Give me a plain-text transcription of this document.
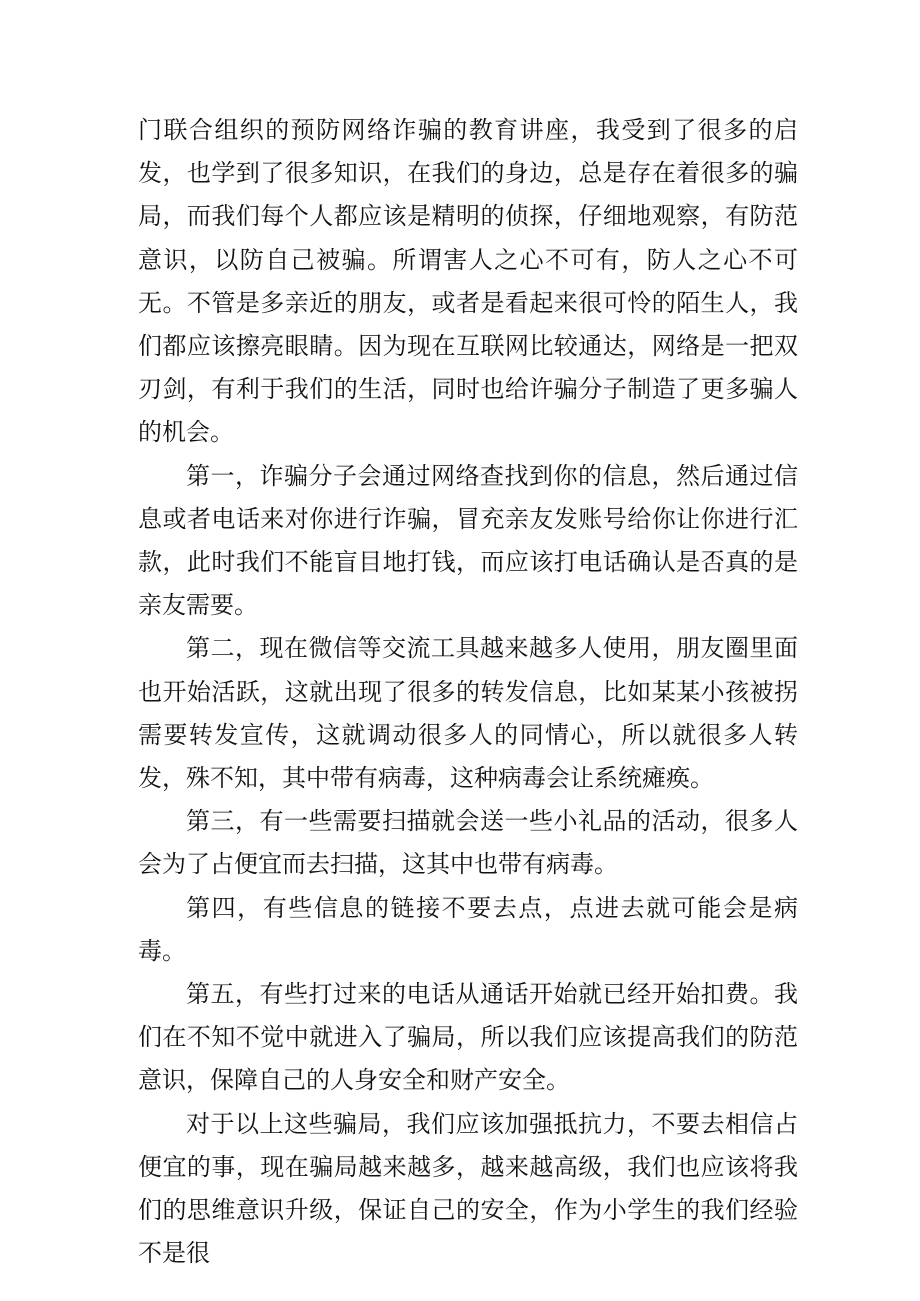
门联合组织的预防网络诈骗的教育讲座，我受到了很多的启发，也学到了很多知识，在我们的身边，总是存在着很多的骗局，而我们每个人都应该是精明的侦探，仔细地观察，有防范意识，以防自己被骗。所谓害人之心不可有，防人之心不可无。不管是多亲近的朋友，或者是看起来很可怜的陌生人，我们都应该擦亮眼睛。因为现在互联网比较通达，网络是一把双刃剑，有利于我们的生活，同时也给许骗分子制造了更多骗人的机会。

第一，诈骗分子会通过网络查找到你的信息，然后通过信息或者电话来对你进行诈骗，冒充亲友发账号给你让你进行汇款，此时我们不能盲目地打钱，而应该打电话确认是否真的是亲友需要。

第二，现在微信等交流工具越来越多人使用，朋友圈里面也开始活跃，这就出现了很多的转发信息，比如某某小孩被拐需要转发宣传，这就调动很多人的同情心，所以就很多人转发，殊不知，其中带有病毒，这种病毒会让系统瘫痪。

第三，有一些需要扫描就会送一些小礼品的活动，很多人会为了占便宜而去扫描，这其中也带有病毒。

第四，有些信息的链接不要去点，点进去就可能会是病毒。

第五，有些打过来的电话从通话开始就已经开始扣费。我们在不知不觉中就进入了骗局，所以我们应该提高我们的防范意识，保障自己的人身安全和财产安全。

对于以上这些骗局，我们应该加强抵抗力，不要去相信占便宜的事，现在骗局越来越多，越来越高级，我们也应该将我们的思维意识升级，保证自己的安全，作为小学生的我们经验不是很
